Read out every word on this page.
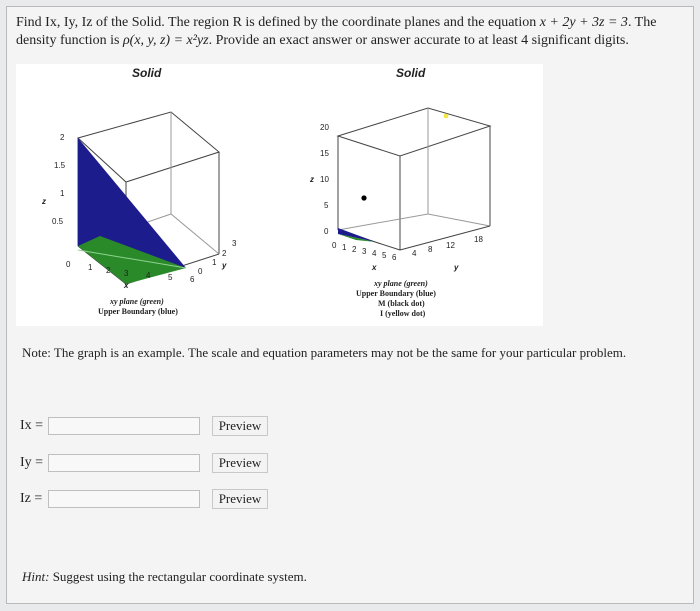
Find Ix, Iy, Iz of the Solid. The region R is defined by the coordinate planes and the equation x + 2y + 3z = 3. The density function is ρ(x, y, z) = x²yz. Provide an exact answer or answer accurate to at least 4 significant digits.
Solid	Solid
2
1.5
1
0.5
z
0 1 2 3 4 5 6
x
0
1
2
3
y
xy plane (green)
Upper Boundary (blue)
20
15
10
5
0
z
0 1 2 3 4 5 6
x
4 8 12
18
y
xy plane (green)
Upper Boundary (blue)
M (black dot)
I (yellow dot)
Note: The graph is an example. The scale and equation parameters may not be the same for your particular problem.
Ix =	Preview
Iy =	Preview
Iz =	Preview
Hint: Suggest using the rectangular coordinate system.
